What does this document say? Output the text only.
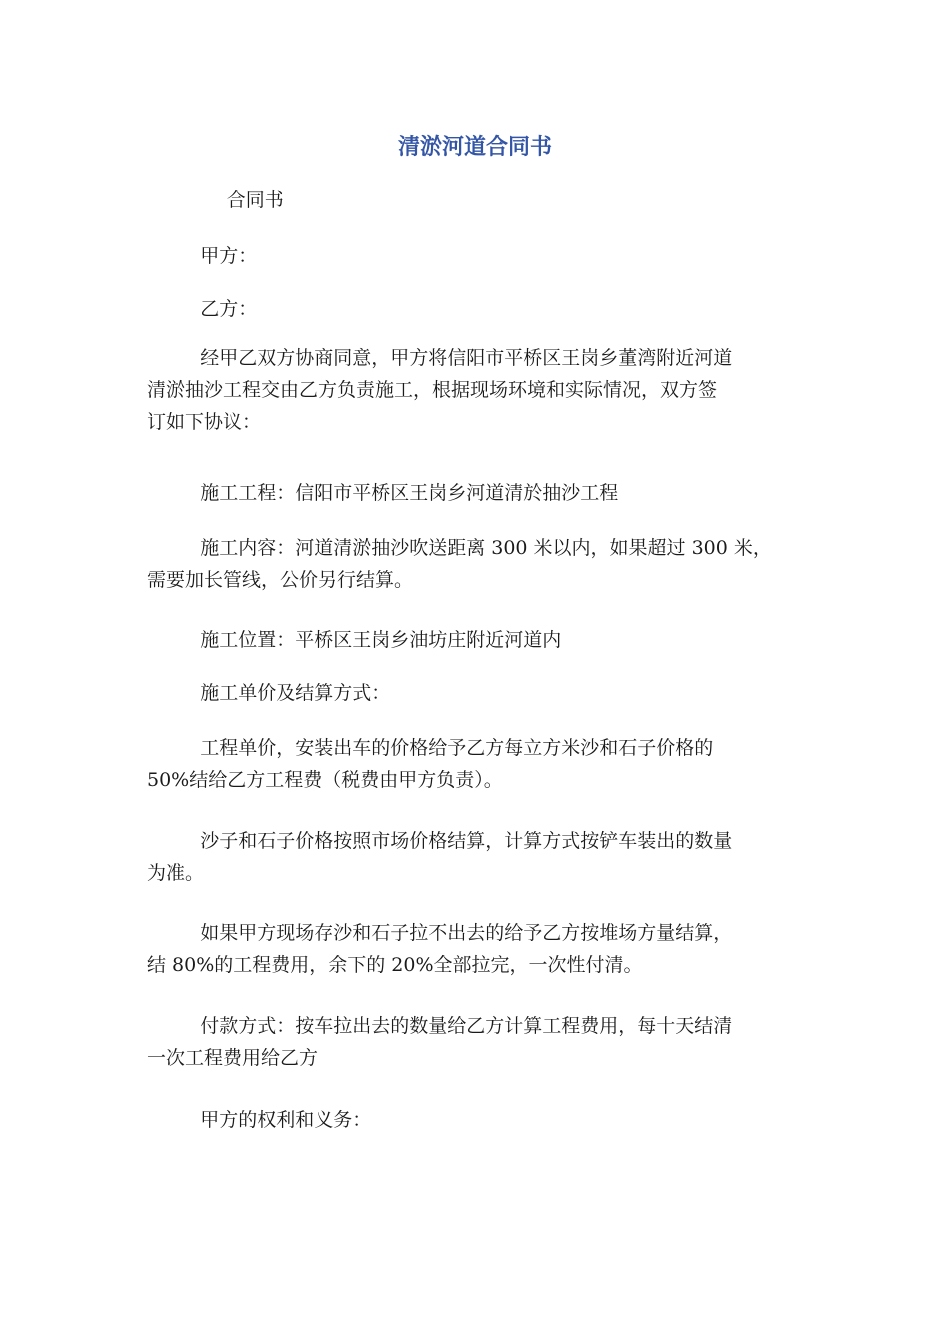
清淤河道合同书

合同书

甲方：

乙方：

经甲乙双方协商同意，甲方将信阳市平桥区王岗乡董湾附近河道
清淤抽沙工程交由乙方负责施工，根据现场环境和实际情况，双方签
订如下协议：

施工工程：信阳市平桥区王岗乡河道清於抽沙工程

施工内容：河道清淤抽沙吹送距离 300 米以内，如果超过 300 米，
需要加长管线，公价另行结算。

施工位置：平桥区王岗乡油坊庄附近河道内

施工单价及结算方式：

工程单价，安装出车的价格给予乙方每立方米沙和石子价格的
50%结给乙方工程费（税费由甲方负责）。

沙子和石子价格按照市场价格结算，计算方式按铲车装出的数量
为准。

如果甲方现场存沙和石子拉不出去的给予乙方按堆场方量结算，
结 80%的工程费用，余下的 20%全部拉完，一次性付清。

付款方式：按车拉出去的数量给乙方计算工程费用，每十天结清
一次工程费用给乙方

甲方的权利和义务：
